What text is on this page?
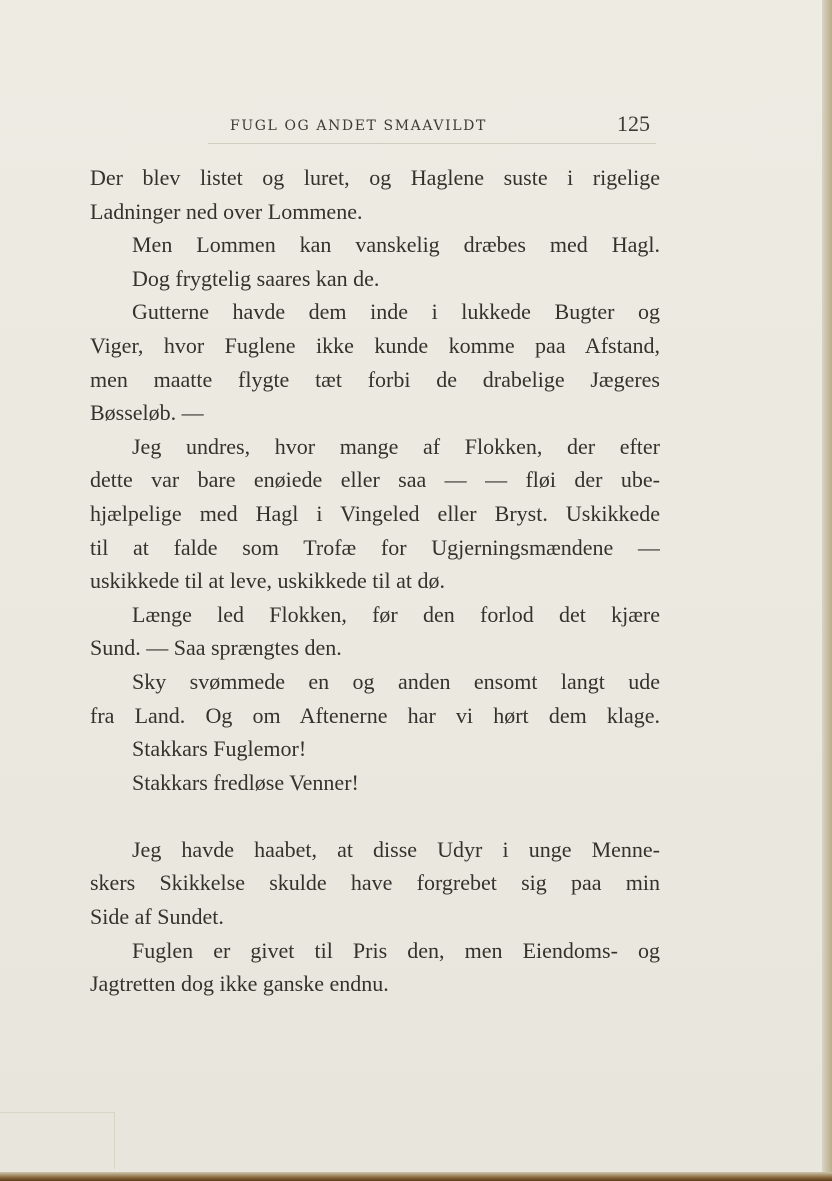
FUGL OG ANDET SMAAVILDT	125
Der blev listet og luret, og Haglene suste i rigelige
Ladninger ned over Lommene.
Men Lommen kan vanskelig dræbes med Hagl.
Dog frygtelig saares kan de.
Gutterne havde dem inde i lukkede Bugter og
Viger, hvor Fuglene ikke kunde komme paa Afstand,
men maatte flygte tæt forbi de drabelige Jægeres
Bøsseløb. —
Jeg undres, hvor mange af Flokken, der efter
dette var bare enøiede eller saa — — fløi der ube-
hjælpelige med Hagl i Vingeled eller Bryst. Uskikkede
til at falde som Trofæ for Ugjerningsmændene —
uskikkede til at leve, uskikkede til at dø.
Længe led Flokken, før den forlod det kjære
Sund. — Saa sprængtes den.
Sky svømmede en og anden ensomt langt ude
fra Land. Og om Aftenerne har vi hørt dem klage.
Stakkars Fuglemor!
Stakkars fredløse Venner!
Jeg havde haabet, at disse Udyr i unge Menne-
skers Skikkelse skulde have forgrebet sig paa min
Side af Sundet.
Fuglen er givet til Pris den, men Eiendoms- og
Jagtretten dog ikke ganske endnu.
